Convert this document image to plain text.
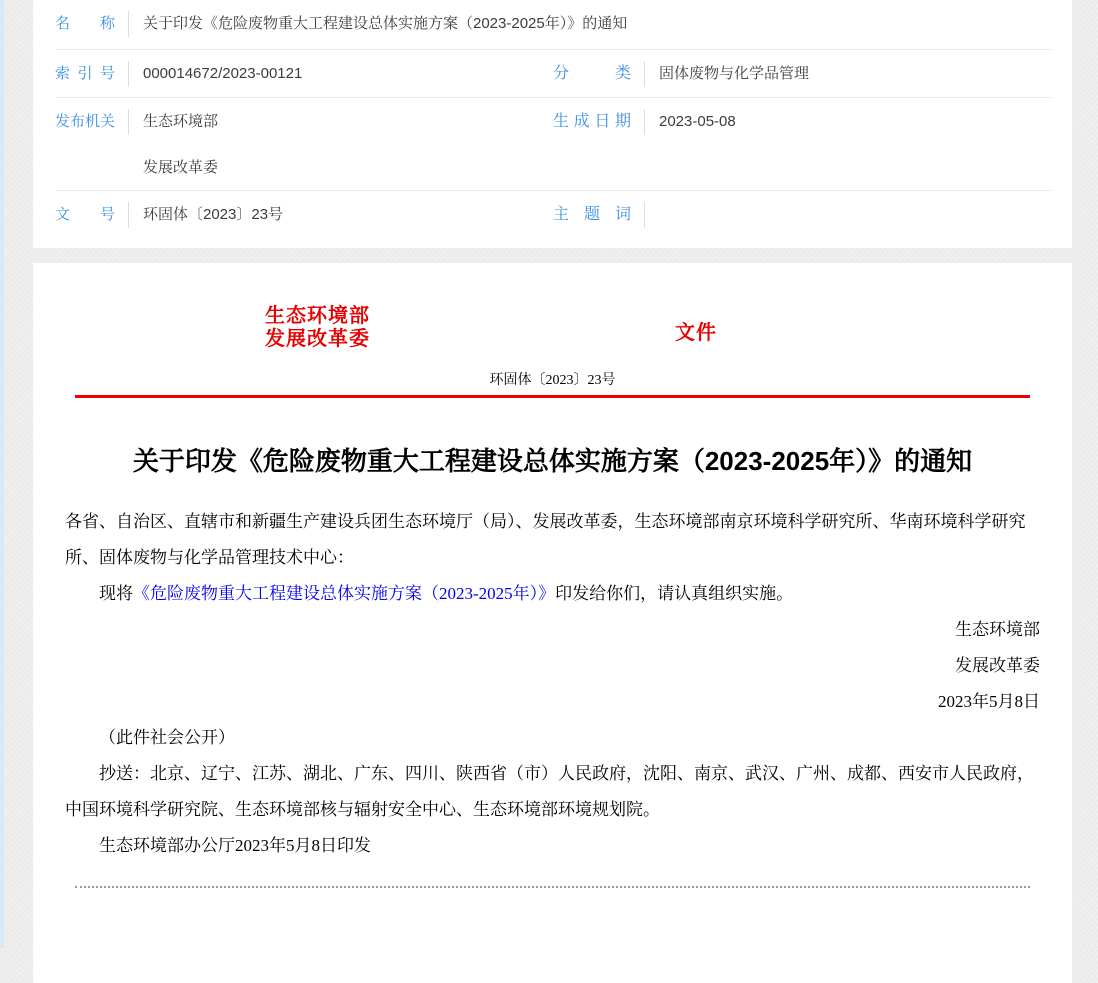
名称 关于印发《危险废物重大工程建设总体实施方案（2023-2025年）》的通知
索引号 000014672/2023-00121	分类 固体废物与化学品管理
发布机关 生态环境部
发展改革委
生成日期 2023-05-08
文号 环固体〔2023〕23号	主题词
生态环境部
发展改革委	文件
环固体〔2023〕23号
关于印发《危险废物重大工程建设总体实施方案（2023-2025年）》的通知

各省、自治区、直辖市和新疆生产建设兵团生态环境厅（局）、发展改革委，生态环境部南京环境科学研究所、华南环境科学研究所、固体废物与化学品管理技术中心：

现将《危险废物重大工程建设总体实施方案（2023-2025年）》印发给你们，请认真组织实施。

生态环境部

发展改革委

2023年5月8日

（此件社会公开）

抄送：北京、辽宁、江苏、湖北、广东、四川、陕西省（市）人民政府，沈阳、南京、武汉、广州、成都、西安市人民政府，中国环境科学研究院、生态环境部核与辐射安全中心、生态环境部环境规划院。

生态环境部办公厅2023年5月8日印发
